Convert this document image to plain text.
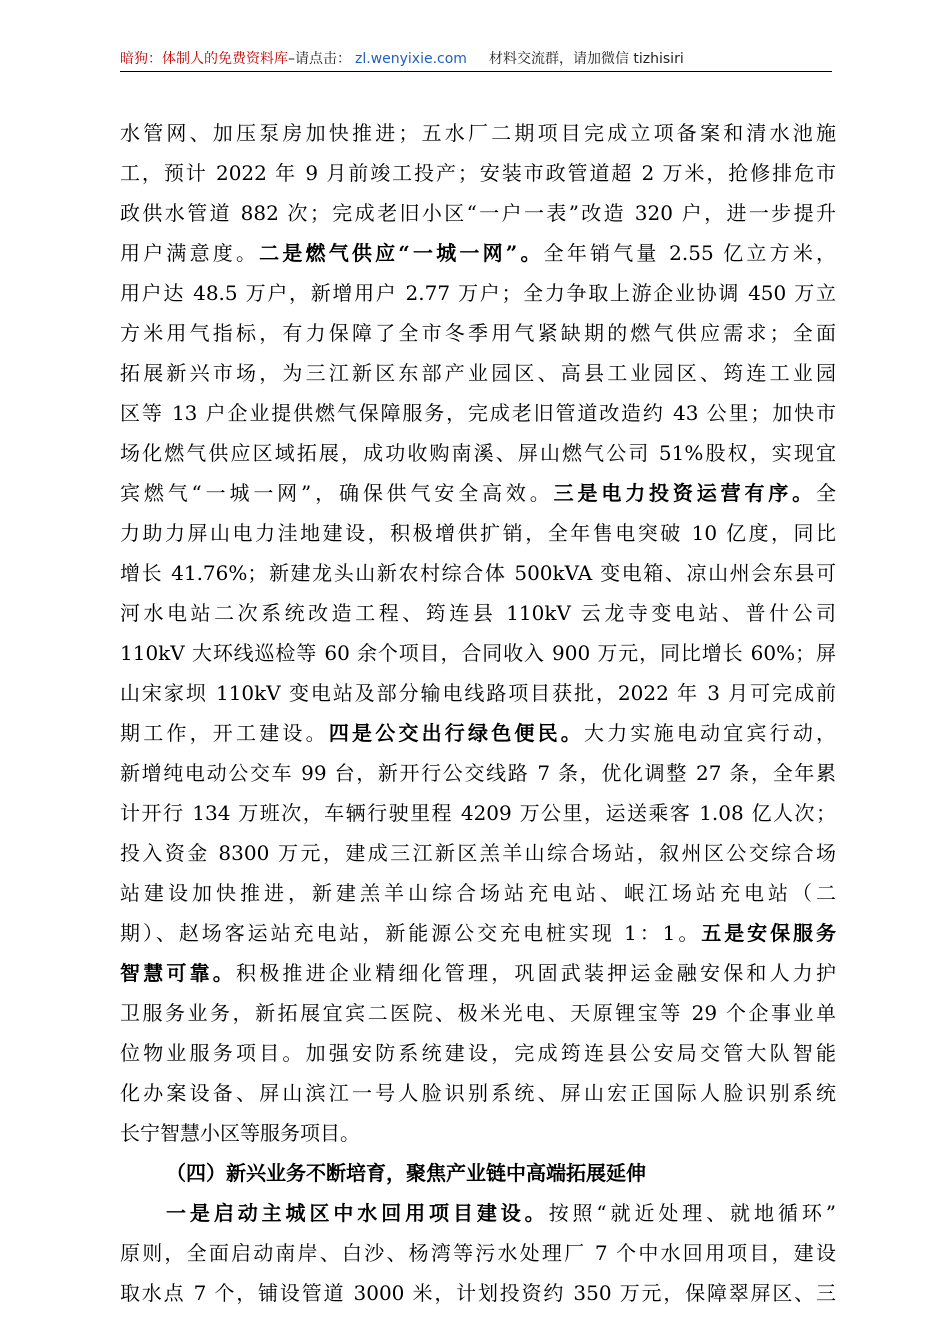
暗狗：体制人的免费资料库–请点击： zl.wenyixie.com 材料交流群，请加微信 tizhisiri
水管网、加压泵房加快推进；五水厂二期项目完成立项备案和清水池施
工，预计 2022 年 9 月前竣工投产；安装市政管道超 2 万米，抢修排危市
政供水管道 882 次；完成老旧小区“一户一表”改造 320 户，进一步提升
用户满意度。二是燃气供应“一城一网”。全年销气量 2.55 亿立方米，
用户达 48.5 万户，新增用户 2.77 万户；全力争取上游企业协调 450 万立
方米用气指标，有力保障了全市冬季用气紧缺期的燃气供应需求；全面
拓展新兴市场，为三江新区东部产业园区、高县工业园区、筠连工业园
区等 13 户企业提供燃气保障服务，完成老旧管道改造约 43 公里；加快市
场化燃气供应区域拓展，成功收购南溪、屏山燃气公司 51%股权，实现宜
宾燃气“一城一网”，确保供气安全高效。三是电力投资运营有序。全
力助力屏山电力洼地建设，积极增供扩销，全年售电突破 10 亿度，同比
增长 41.76%；新建龙头山新农村综合体 500kVA 变电箱、凉山州会东县可
河水电站二次系统改造工程、筠连县 110kV 云龙寺变电站、普什公司
110kV 大环线巡检等 60 余个项目，合同收入 900 万元，同比增长 60%；屏
山宋家坝 110kV 变电站及部分输电线路项目获批，2022 年 3 月可完成前
期工作，开工建设。四是公交出行绿色便民。大力实施电动宜宾行动，
新增纯电动公交车 99 台，新开行公交线路 7 条，优化调整 27 条，全年累
计开行 134 万班次，车辆行驶里程 4209 万公里，运送乘客 1.08 亿人次；
投入资金 8300 万元，建成三江新区羔羊山综合场站，叙州区公交综合场
站建设加快推进，新建羔羊山综合场站充电站、岷江场站充电站（二
期）、赵场客运站充电站，新能源公交充电桩实现 1：1。五是安保服务
智慧可靠。积极推进企业精细化管理，巩固武装押运金融安保和人力护
卫服务业务，新拓展宜宾二医院、极米光电、天原锂宝等 29 个企事业单
位物业服务项目。加强安防系统建设，完成筠连县公安局交管大队智能
化办案设备、屏山滨江一号人脸识别系统、屏山宏正国际人脸识别系统
长宁智慧小区等服务项目。
（四）新兴业务不断培育，聚焦产业链中高端拓展延伸
一是启动主城区中水回用项目建设。按照“就近处理、就地循环”
原则，全面启动南岸、白沙、杨湾等污水处理厂 7 个中水回用项目，建设
取水点 7 个，铺设管道 3000 米，计划投资约 350 万元，保障翠屏区、三
